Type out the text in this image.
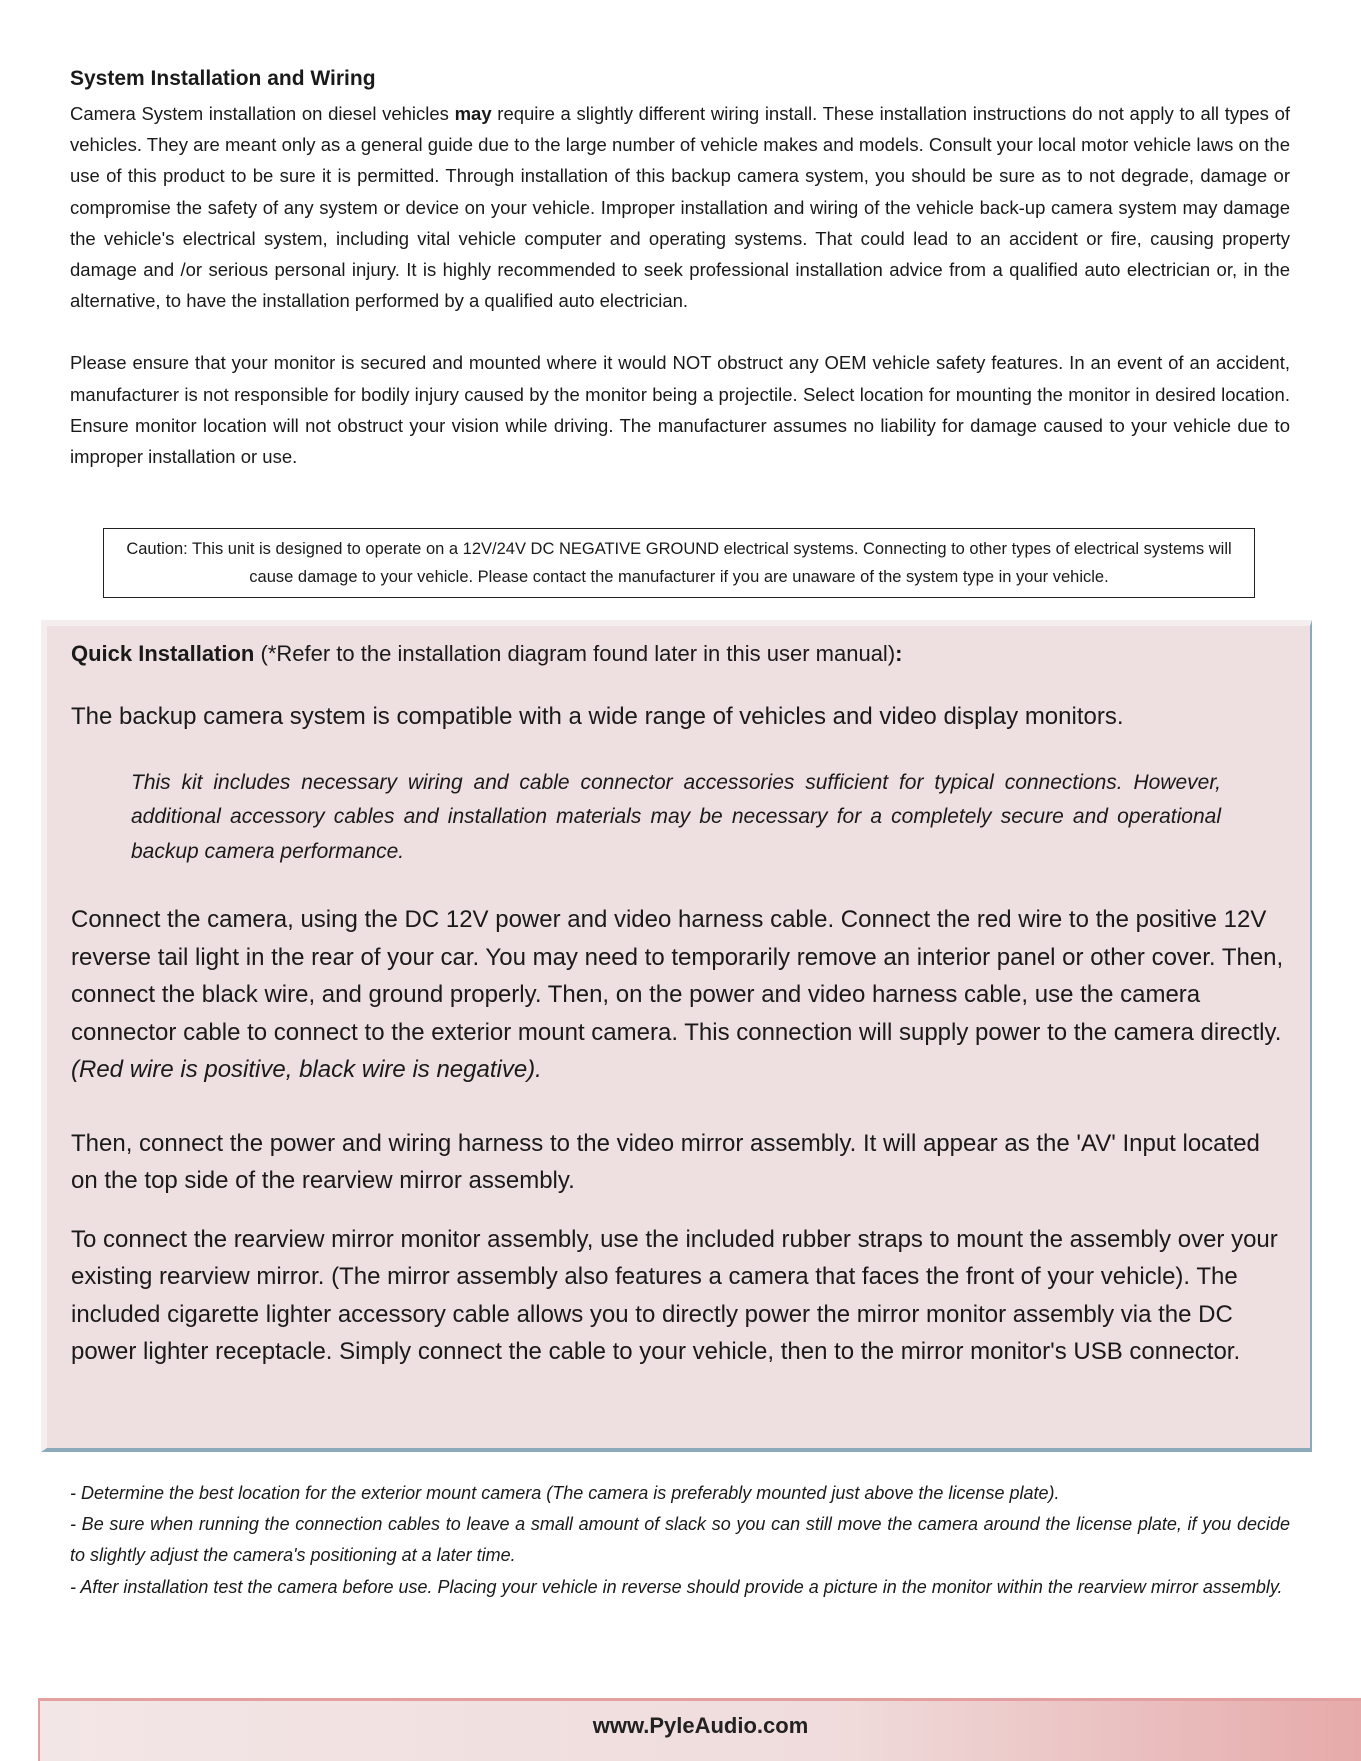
System Installation and Wiring

Camera System installation on diesel vehicles may require a slightly different wiring install. These installation instructions do not apply to all types of vehicles. They are meant only as a general guide due to the large number of vehicle makes and models. Consult your local motor vehicle laws on the use of this product to be sure it is permitted. Through installation of this backup camera system, you should be sure as to not degrade, damage or compromise the safety of any system or device on your vehicle. Improper installation and wiring of the vehicle back-up camera system may damage the vehicle's electrical system, including vital vehicle computer and operating systems. That could lead to an accident or fire, causing property damage and /or serious personal injury. It is highly recommended to seek professional installation advice from a qualified auto electrician or, in the alternative, to have the installation performed by a qualified auto electrician.

Please ensure that your monitor is secured and mounted where it would NOT obstruct any OEM vehicle safety features. In an event of an accident, manufacturer is not responsible for bodily injury caused by the monitor being a projectile. Select location for mounting the monitor in desired location. Ensure monitor location will not obstruct your vision while driving. The manufacturer assumes no liability for damage caused to your vehicle due to improper installation or use.

Caution: This unit is designed to operate on a 12V/24V DC NEGATIVE GROUND electrical systems. Connecting to other types of electrical systems will cause damage to your vehicle. Please contact the manufacturer if you are unaware of the system type in your vehicle.

Quick Installation (*Refer to the installation diagram found later in this user manual):

The backup camera system is compatible with a wide range of vehicles and video display monitors.

This kit includes necessary wiring and cable connector accessories sufficient for typical connections. However, additional accessory cables and installation materials may be necessary for a completely secure and operational backup camera performance.

Connect the camera, using the DC 12V power and video harness cable. Connect the red wire to the positive 12V reverse tail light in the rear of your car. You may need to temporarily remove an interior panel or other cover. Then, connect the black wire, and ground properly. Then, on the power and video harness cable, use the camera connector cable to connect to the exterior mount camera. This connection will supply power to the camera directly. (Red wire is positive, black wire is negative).

Then, connect the power and wiring harness to the video mirror assembly. It will appear as the 'AV' Input located on the top side of the rearview mirror assembly.

To connect the rearview mirror monitor assembly, use the included rubber straps to mount the assembly over your existing rearview mirror. (The mirror assembly also features a camera that faces the front of your vehicle). The included cigarette lighter accessory cable allows you to directly power the mirror monitor assembly via the DC power lighter receptacle. Simply connect the cable to your vehicle, then to the mirror monitor's USB connector.

- Determine the best location for the exterior mount camera (The camera is preferably mounted just above the license plate).

- Be sure when running the connection cables to leave a small amount of slack so you can still move the camera around the license plate, if you decide to slightly adjust the camera's positioning at a later time.

- After installation test the camera before use. Placing your vehicle in reverse should provide a picture in the monitor within the rearview mirror assembly.

www.PyleAudio.com
